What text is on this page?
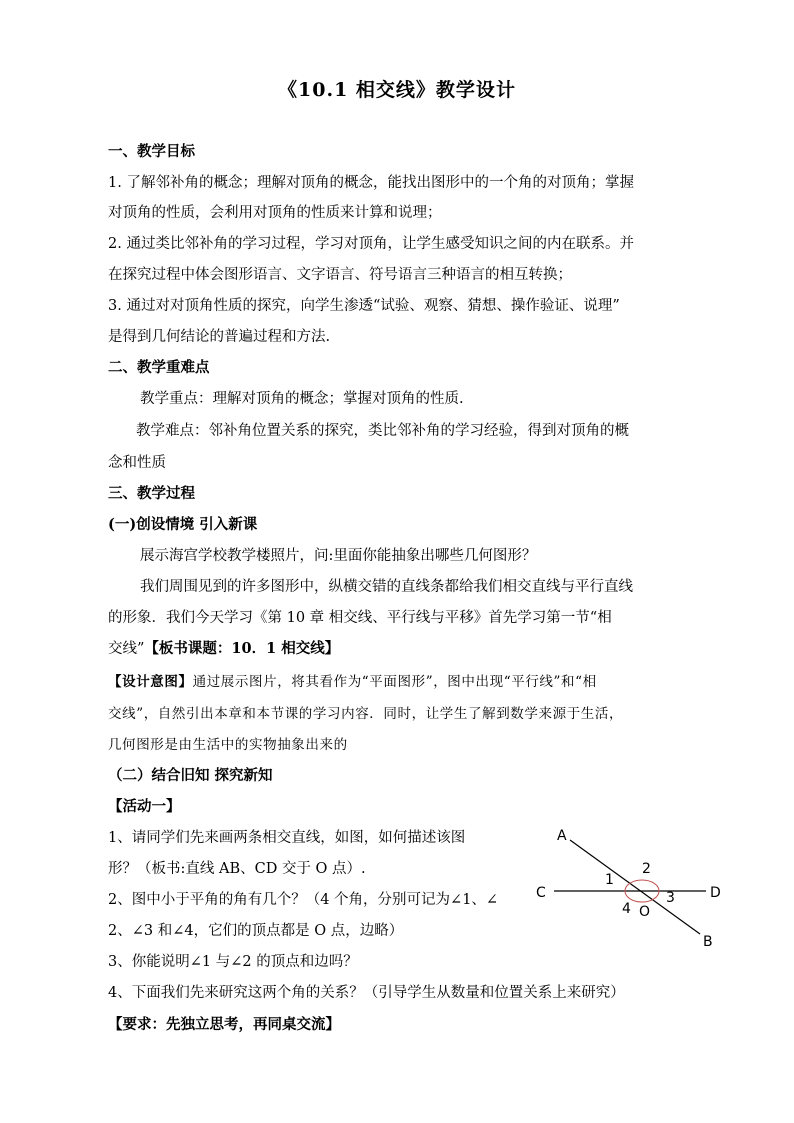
《10.1 相交线》教学设计
一、教学目标
1. 了解邻补角的概念；理解对顶角的概念，能找出图形中的一个角的对顶角；掌握
对顶角的性质，会利用对顶角的性质来计算和说理；
2. 通过类比邻补角的学习过程，学习对顶角，让学生感受知识之间的内在联系。并
在探究过程中体会图形语言、文字语言、符号语言三种语言的相互转换；
3. 通过对对顶角性质的探究，向学生渗透“试验、观察、猜想、操作验证、说理”
是得到几何结论的普遍过程和方法.
二、教学重难点
教学重点：理解对顶角的概念；掌握对顶角的性质.
教学难点：邻补角位置关系的探究，类比邻补角的学习经验，得到对顶角的概
念和性质
三、教学过程
(一)创设情境 引入新课
展示海宫学校教学楼照片，问:里面你能抽象出哪些几何图形？
我们周围见到的许多图形中，纵横交错的直线条都给我们相交直线与平行直线
的形象．我们今天学习《第 10 章 相交线、平行线与平移》首先学习第一节“相
交线”【板书课题：10．1 相交线】
【设计意图】通过展示图片，将其看作为“平面图形”，图中出现“平行线”和“相
交线”，自然引出本章和本节课的学习内容．同时，让学生了解到数学来源于生活，
几何图形是由生活中的实物抽象出来的
（二）结合旧知 探究新知
【活动一】
1、请同学们先来画两条相交直线，如图，如何描述该图
形？（板书:直线 AB、CD 交于 O 点）.
2、图中小于平角的角有几个？（4 个角，分别可记为∠1、∠
2、∠3 和∠4，它们的顶点都是 O 点，边略）
3、你能说明∠1 与∠2 的顶点和边吗？
4、下面我们先来研究这两个角的关系？（引导学生从数量和位置关系上来研究）
【要求：先独立思考，再同桌交流】
A
B
C	D
O
1
2
3
4
